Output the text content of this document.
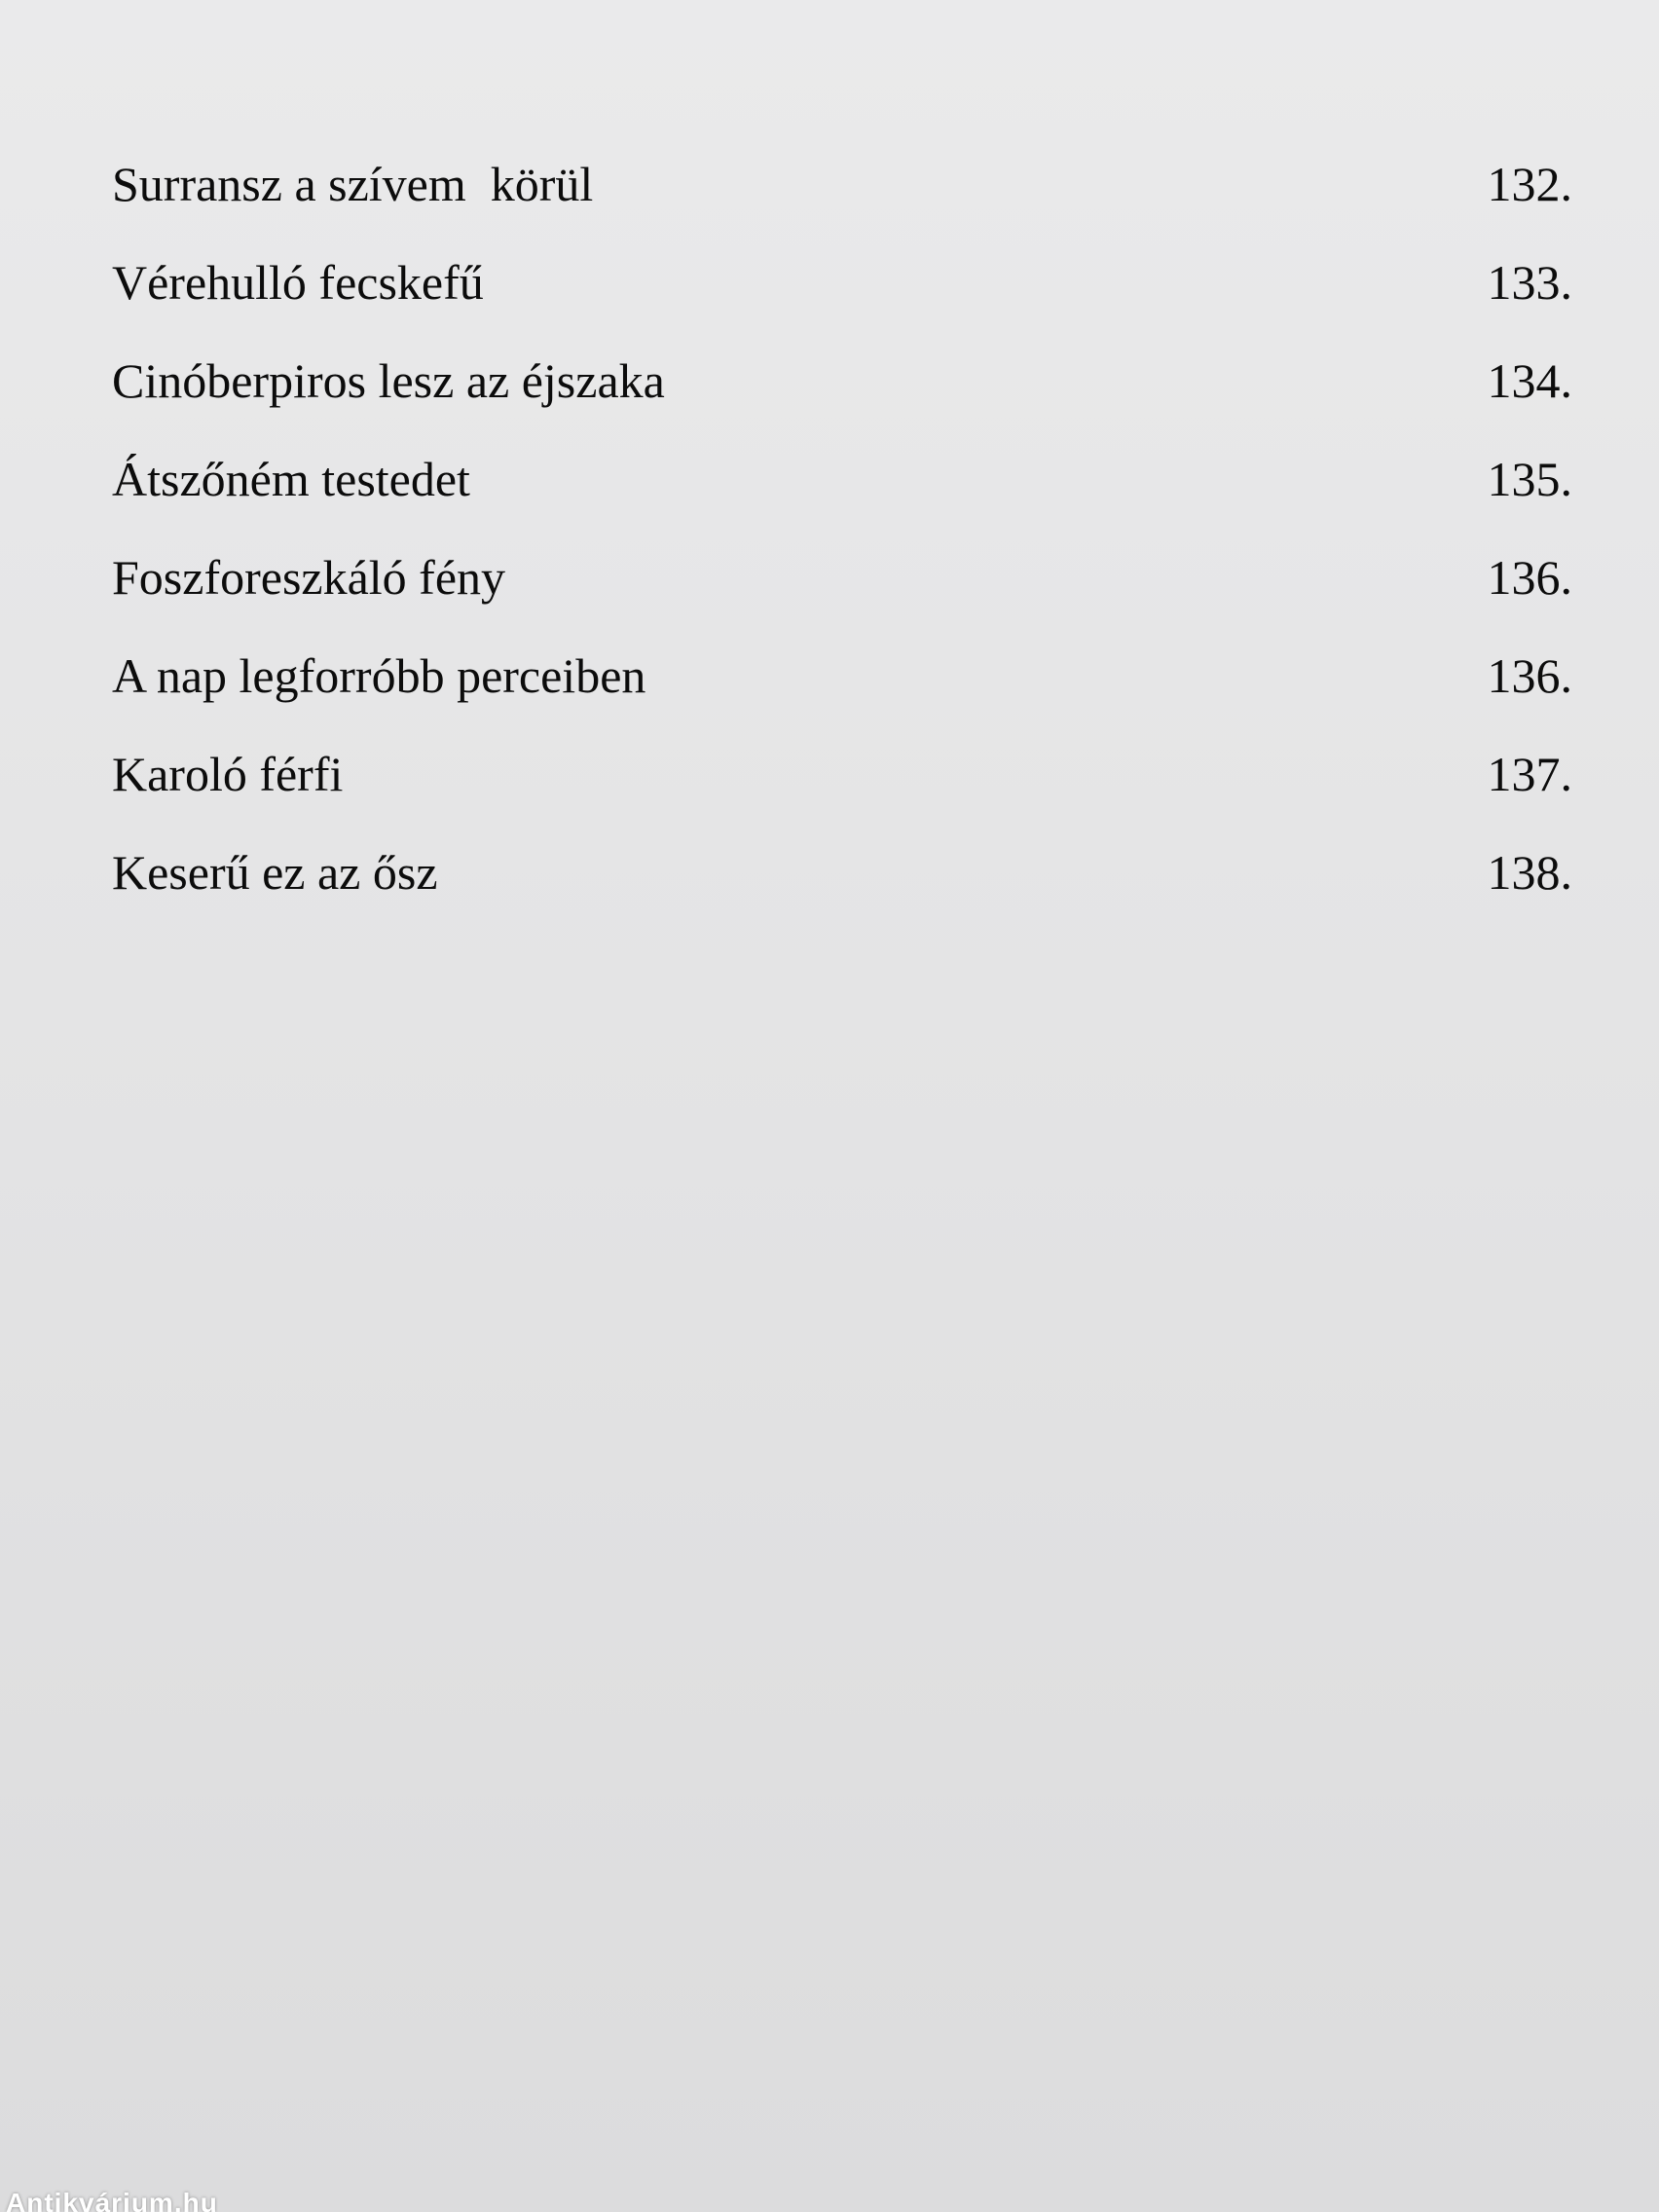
Surransz a szívem  körül	132.
Vérehulló fecskefű	133.
Cinóberpiros lesz az éjszaka	134.
Átszőném testedet	135.
Foszforeszkáló fény	136.
A nap legforróbb perceiben	136.
Karoló férfi	137.
Keserű ez az ősz	138.
Antikvárium.hu
